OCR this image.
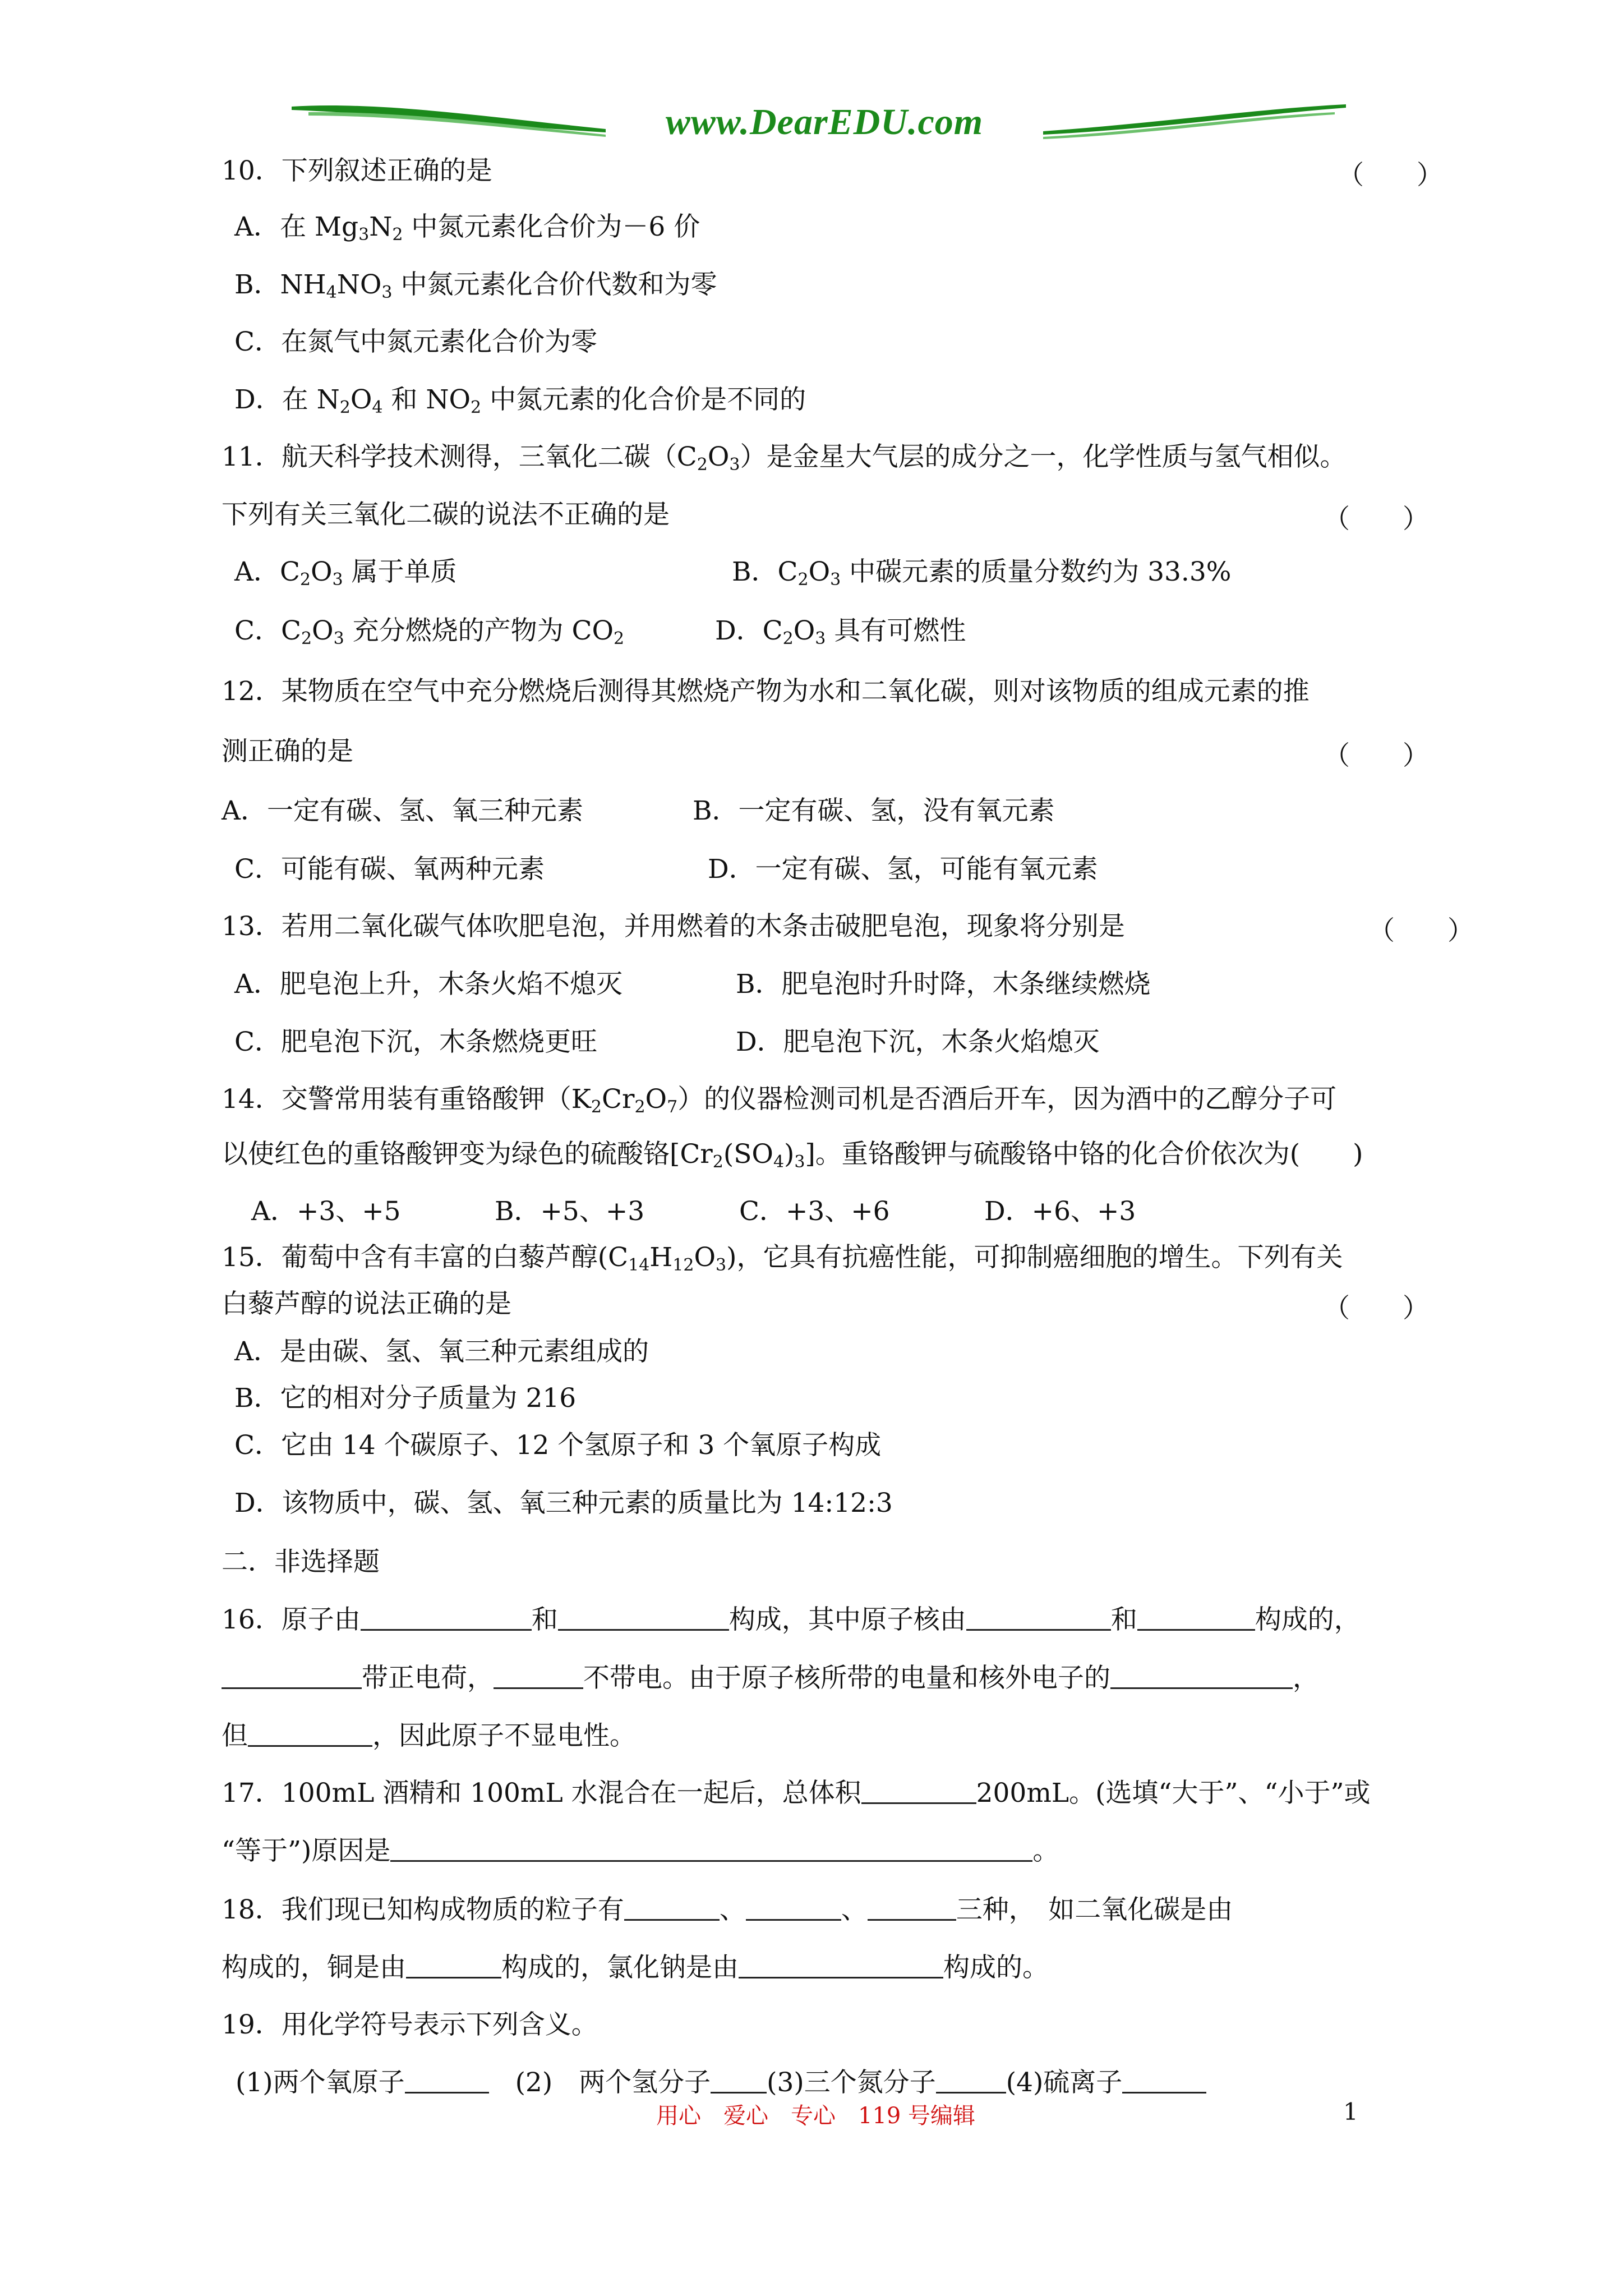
www.DearEDU.com
10．下列叙述正确的是	（　　）
A．在 $Mg_3N_2$ 中氮元素化合价为－6 价
B．$NH_4NO_3$ 中氮元素化合价代数和为零
C．在氮气中氮元素化合价为零
D．在 $N_2O_4$ 和 $NO_2$ 中氮元素的化合价是不同的
11．航天科学技术测得，三氧化二碳$(C_2O_3)$是金星大气层的成分之一，化学性质与氢气相似。
下列有关三氧化二碳的说法不正确的是	（　　）
A．$C_2O_3$ 属于单质	B．$C_2O_3$ 中碳元素的质量分数约为 33.3%
C．$C_2O_3$ 充分燃烧的产物为 $CO_2$	D．$C_2O_3$ 具有可燃性
12．某物质在空气中充分燃烧后测得其燃烧产物为水和二氧化碳，则对该物质的组成元素的推
测正确的是	（　　）
A．一定有碳、氢、氧三种元素	B．一定有碳、氢，没有氧元素
C．可能有碳、氧两种元素	D．一定有碳、氢，可能有氧元素
13．若用二氧化碳气体吹肥皂泡，并用燃着的木条击破肥皂泡，现象将分别是	（　　）
A．肥皂泡上升，木条火焰不熄灭	B．肥皂泡时升时降，木条继续燃烧
C．肥皂泡下沉，木条燃烧更旺	D．肥皂泡下沉，木条火焰熄灭
14．交警常用装有重铬酸钾$(K_2Cr_2O_7)$的仪器检测司机是否酒后开车，因为酒中的乙醇分子可
以使红色的重铬酸钾变为绿色的硫酸铬$[Cr_2(SO_4)_3]$。重铬酸钾与硫酸铬中铬的化合价依次为(　　)
A．+3、+5	B．+5、+3	C．+3、+6	D．+6、+3
15．葡萄中含有丰富的白藜芦醇$(C_{14}H_{12}O_3)$，它具有抗癌性能，可抑制癌细胞的增生。下列有关
白藜芦醇的说法正确的是	（　　）
A．是由碳、氢、氧三种元素组成的
B．它的相对分子质量为 216
C．它由 14 个碳原子、12 个氢原子和 3 个氧原子构成
D．该物质中，碳、氢、氧三种元素的质量比为 14:12:3
二．非选择题
16．原子由	和	构成，其中原子核由	和	构成的，
带正电荷，	不带电。由于原子核所带的电量和核外电子的	，
但	，因此原子不显电性。
17．100mL 酒精和 100mL 水混合在一起后，总体积	200mL。(选填“大于”、“小于”或
“等于”)原因是	。
18．我们现已知构成物质的粒子有	、	、	三种，　如二氧化碳是由
构成的，铜是由	构成的，氯化钠是由	构成的。
19．用化学符号表示下列含义。
(1)两个氧原子　	(2)　两个氢分子 (3)三个氮分子	(4)硫离子
用心　爱心　专心　119 号编辑	1
